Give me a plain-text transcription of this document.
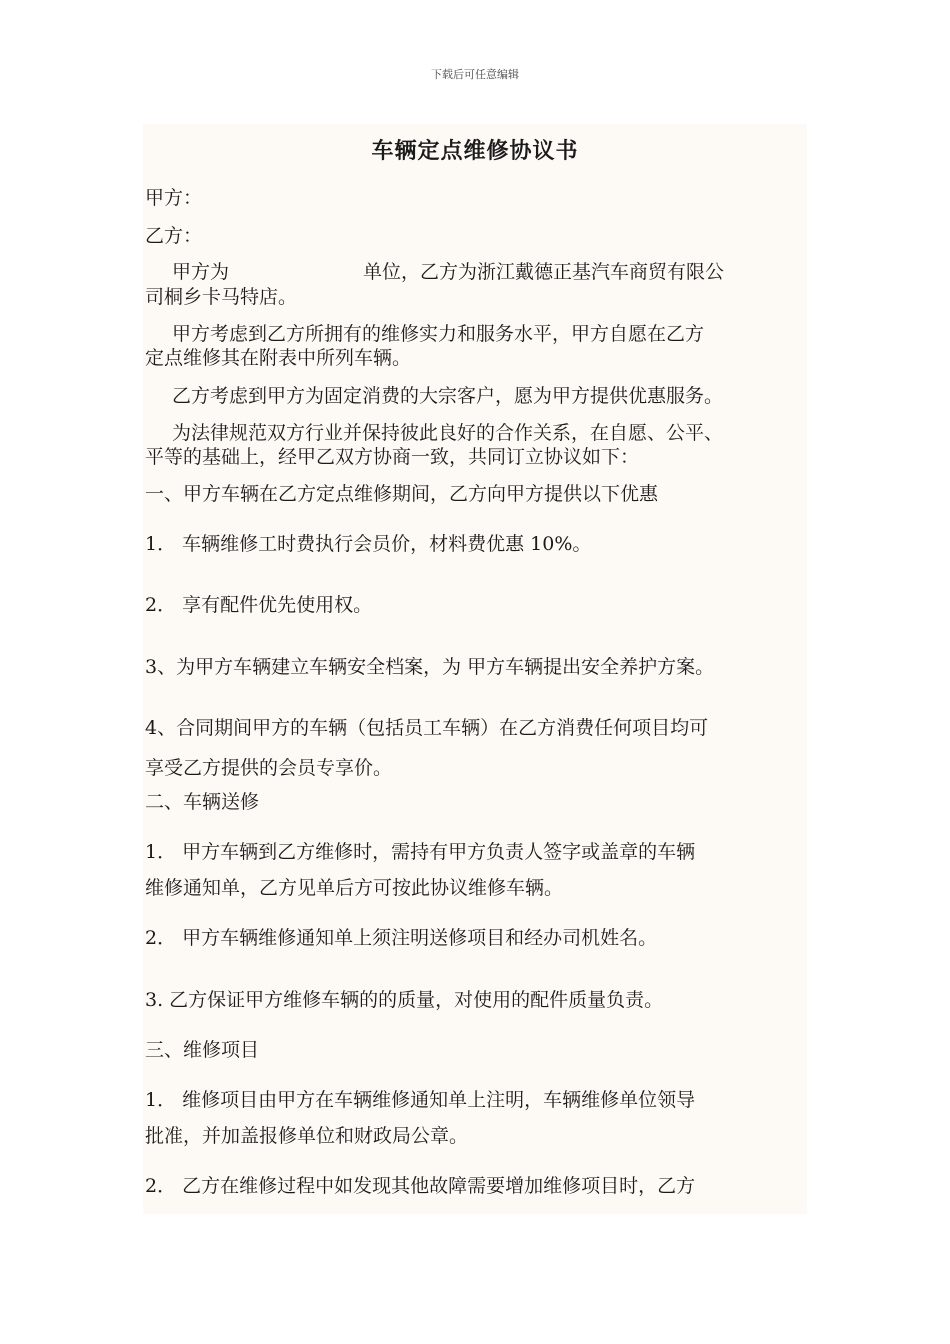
下载后可任意编辑
车辆定点维修协议书
甲方：
乙方：
甲方为	单位，乙方为浙江戴德正基汽车商贸有限公
司桐乡卡马特店。
甲方考虑到乙方所拥有的维修实力和服务水平，甲方自愿在乙方
定点维修其在附表中所列车辆。
乙方考虑到甲方为固定消费的大宗客户，愿为甲方提供优惠服务。
为法律规范双方行业并保持彼此良好的合作关系，在自愿、公平、
平等的基础上，经甲乙双方协商一致，共同订立协议如下：
一、甲方车辆在乙方定点维修期间，乙方向甲方提供以下优惠
1． 车辆维修工时费执行会员价，材料费优惠 10%。
2． 享有配件优先使用权。
3、为甲方车辆建立车辆安全档案，为 甲方车辆提出安全养护方案。
4、合同期间甲方的车辆（包括员工车辆）在乙方消费任何项目均可
享受乙方提供的会员专享价。
二、车辆送修
1． 甲方车辆到乙方维修时，需持有甲方负责人签字或盖章的车辆
维修通知单，乙方见单后方可按此协议维修车辆。
2． 甲方车辆维修通知单上须注明送修项目和经办司机姓名。
3. 乙方保证甲方维修车辆的的质量，对使用的配件质量负责。
三、维修项目
1． 维修项目由甲方在车辆维修通知单上注明，车辆维修单位领导
批准，并加盖报修单位和财政局公章。
2． 乙方在维修过程中如发现其他故障需要增加维修项目时，乙方
